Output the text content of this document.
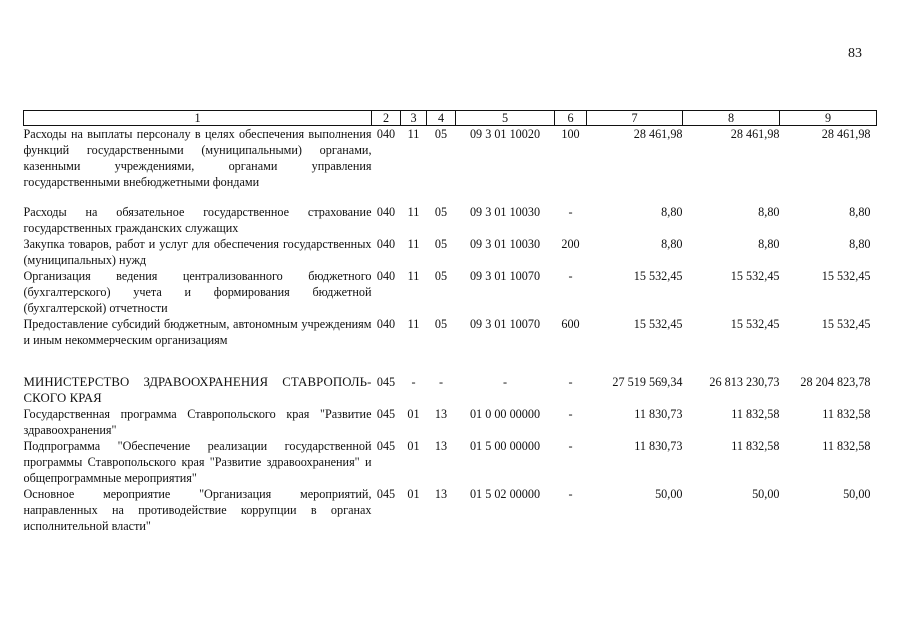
83
1	2	3	4	5	6	7	8	9
Расходы на выплаты персоналу в целях обеспечения выполнения функций государственными (муниципальными) органами, казенными учреждениями, органами управления государственными внебюджетными фондами	040	11	05	09 3 01 10020	100	28 461,98	28 461,98	28 461,98
Расходы на обязательное государственное страхование государственных гражданских служащих	040	11	05	09 3 01 10030	-	8,80	8,80	8,80
Закупка товаров, работ и услуг для обеспечения государственных (муниципальных) нужд	040	11	05	09 3 01 10030	200	8,80	8,80	8,80
Организация ведения централизованного бюджетного (бухгалтерского) учета и формирования бюджетной (бухгалтерской) отчетности	040	11	05	09 3 01 10070	-	15 532,45	15 532,45	15 532,45
Предоставление субсидий бюджетным, автономным учреждениям и иным некоммерческим организациям	040	11	05	09 3 01 10070	600	15 532,45	15 532,45	15 532,45
МИНИСТЕРСТВО ЗДРАВООХРАНЕНИЯ СТАВРОПОЛЬ-СКОГО КРАЯ	045	-	-	-	-	27 519 569,34	26 813 230,73	28 204 823,78
Государственная программа Ставропольского края "Развитие здравоохранения"	045	01	13	01 0 00 00000	-	11 830,73	11 832,58	11 832,58
Подпрограмма "Обеспечение реализации государственной программы Ставропольского края "Развитие здравоохранения" и общепрограммные мероприятия"	045	01	13	01 5 00 00000	-	11 830,73	11 832,58	11 832,58
Основное мероприятие "Организация мероприятий, направленных на противодействие коррупции в органах исполнительной власти"	045	01	13	01 5 02 00000	-	50,00	50,00	50,00
